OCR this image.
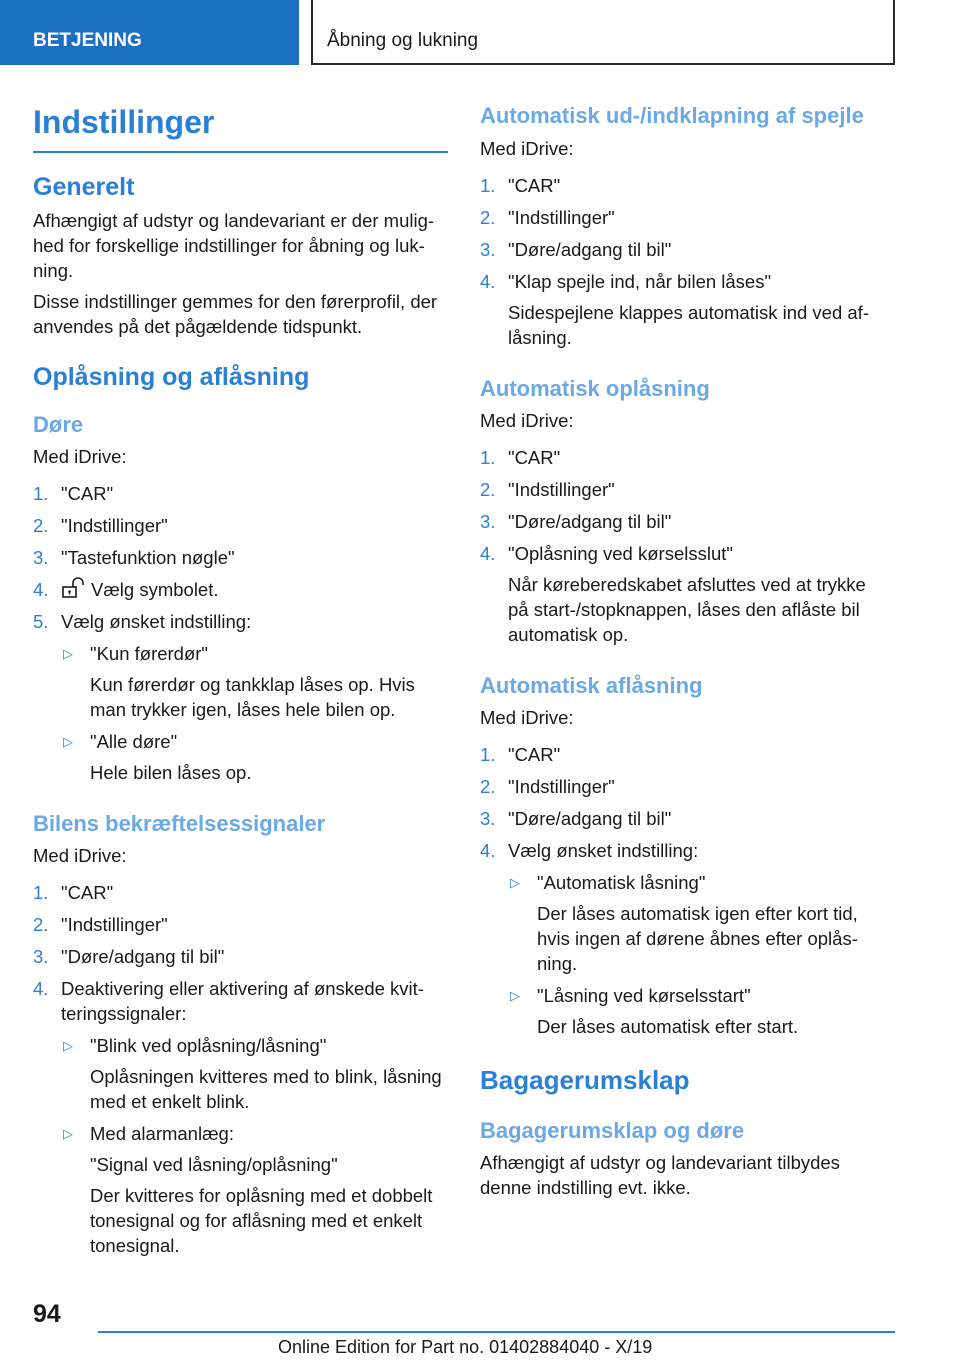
BETJENING	Åbning og lukning
Indstillinger
Generelt
Afhængigt af udstyr og landevariant er der mulighed for forskellige indstillinger for åbning og lukning.
Disse indstillinger gemmes for den førerprofil, der anvendes på det pågældende tidspunkt.
Oplåsning og aflåsning
Døre
Med iDrive:
1. "CAR"
2. "Indstillinger"
3. "Tastefunktion nøgle"
4. Vælg symbolet.
5. Vælg ønsket indstilling:
▷ "Kun førerdør"
Kun førerdør og tankklap låses op. Hvis man trykker igen, låses hele bilen op.
▷ "Alle døre"
Hele bilen låses op.
Bilens bekræftelsessignaler
Med iDrive:
1. "CAR"
2. "Indstillinger"
3. "Døre/adgang til bil"
4. Deaktivering eller aktivering af ønskede kvitteringssignaler:
▷ "Blink ved oplåsning/låsning"
Oplåsningen kvitteres med to blink, låsning med et enkelt blink.
▷ Med alarmanlæg:
"Signal ved låsning/oplåsning"
Der kvitteres for oplåsning med et dobbelt tonesignal og for aflåsning med et enkelt tonesignal.
Automatisk ud-/indklapning af spejle
Med iDrive:
1. "CAR"
2. "Indstillinger"
3. "Døre/adgang til bil"
4. "Klap spejle ind, når bilen låses"
Sidespejlene klappes automatisk ind ved aflåsning.
Automatisk oplåsning
Med iDrive:
1. "CAR"
2. "Indstillinger"
3. "Døre/adgang til bil"
4. "Oplåsning ved kørselsslut"
Når køreberedskabet afsluttes ved at trykke på start-/stopknappen, låses den aflåste bil automatisk op.
Automatisk aflåsning
Med iDrive:
1. "CAR"
2. "Indstillinger"
3. "Døre/adgang til bil"
4. Vælg ønsket indstilling:
▷ "Automatisk låsning"
Der låses automatisk igen efter kort tid, hvis ingen af dørene åbnes efter oplåsning.
▷ "Låsning ved kørselsstart"
Der låses automatisk efter start.
Bagagerumsklap
Bagagerumsklap og døre
Afhængigt af udstyr og landevariant tilbydes denne indstilling evt. ikke.
94
Online Edition for Part no. 01402884040 - X/19
